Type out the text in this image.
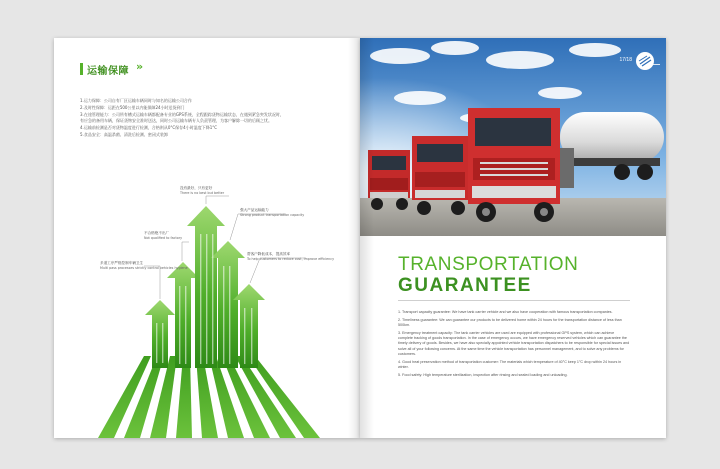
运输保障 »
1.运力保障：公司自有厂区运输车辆同时与知名的运输公司合作
2.及时性保障：运距在500公里以内能保障24小时送货到门
3.在途管理能力：公司所有槽式运输车辆都配备专业的GPS系统，全程跟踪货物运输状态，在遇到紧急突发状况时，
有应急的备用车辆，保证货物安全准时送达，同时公司运输车辆专人负责管理，为客户解除一切的后顾之忧。
4.运输前检测是否对货物温度进行检测，合格则从0°C保存4小时温度下降1°C
5.食品安全：高温杀菌、清洗后检测、密闭式装卸
没有最好，只有更好
There is no best but better
强大产品运输能力
Strong product transportation capacity
不合格绝不出厂
Not qualified to factory
帮客户降低成本，提高效率
To help customers to reduce cost, improve efficiency
多道工序严格控制车辆卫生
Multi pass processes strictly control vehicles hygiene
17/18
TRANSPORTATION
GUARANTEE
1. Transport capacity guarantee: We have tank carrier vehicle and we also have cooperation with famous transportation companies.
2. Timeliness guarantee: We can guarantee our products to be delivered home within 24 hours for the transportation distance of less than 500km.
3. Emergency treatment capacity: The tank carrier vehicles are used are equipped with professional GPS system, which can achieve complete tracking of goods transportation. In the case of emergency occurs, we have emergency reserved vehicles which can guarantee the timely delivery of goods. Besides, we have also specially appointed vehicle transportation dispatchers to be responsible for special issues and solve all of your following concerns. At the same time the vehicle transportation has personnel management, and to solve any problems for customers.
4. Good heat preservation method of transportation customer: The materials which temperature of 40°C keep 1°C drop within 24 hours in winter.
5. Food safety: High temperature sterilization, inspection after rinsing and sealed loading and unloading.
